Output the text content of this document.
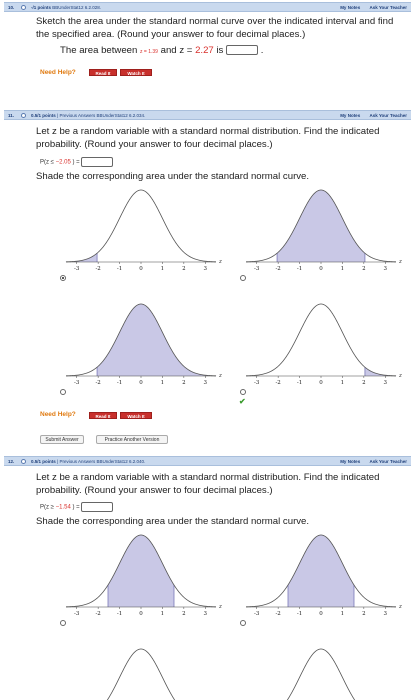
10.	-/1 points BBUnderStat12 6.2.028.	My Notes Ask Your Teacher
Sketch the area under the standard normal curve over the indicated interval and find the specified area. (Round your answer to four decimal places.)
The area between z = 1.39 and z = 2.27 is	.
Need Help?	Read It	Watch It
11.	0.5/1 points | Previous Answers BBUnderStat12 6.2.034.	My Notes Ask Your Teacher
Let z be a random variable with a standard normal distribution. Find the indicated probability. (Round your answer to four decimal places.)
P(z ≤ −2.05 ) =
Shade the corresponding area under the standard normal curve.
-3	-2	-1	0	1	2	3
z
-3	-2	-1	0	1	2	3
z
-3	-2	-1	0	1	2	3
z
-3	-2	-1	0	1	2	3
z
✔
Need Help?	Read It	Watch It
Submit Answer	Practice Another Version
12.	0.5/1 points | Previous Answers BBUnderStat12 6.2.040.	My Notes Ask Your Teacher
Let z be a random variable with a standard normal distribution. Find the indicated probability. (Round your answer to four decimal places.)
P(z ≥ −1.54 ) =
Shade the corresponding area under the standard normal curve.
-3	-2	-1	0	1	2	3
z
-3	-2	-1	0	1	2	3
z
